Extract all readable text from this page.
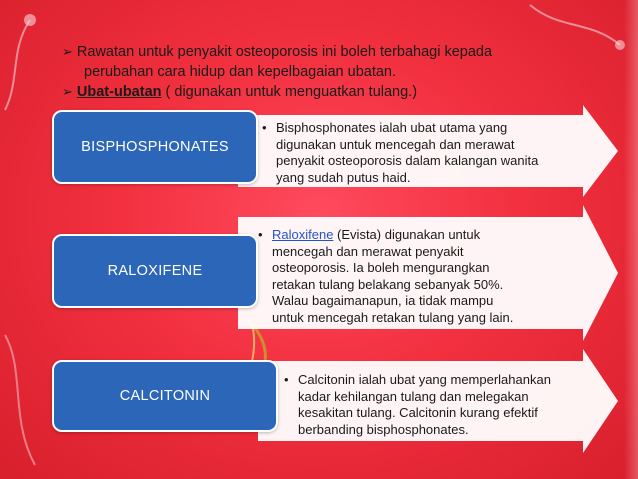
➢ Rawatan untuk penyakit osteoporosis ini boleh terbahagi kepada
perubahan cara hidup dan kepelbagaian ubatan.
➢ Ubat-ubatan ( digunakan untuk menguatkan tulang.)
BISPHOSPHONATES
• Bisphosphonates ialah ubat utama yang
digunakan untuk mencegah dan merawat
penyakit osteoporosis dalam kalangan wanita
yang sudah putus haid.
RALOXIFENE
• Raloxifene (Evista) digunakan untuk
mencegah dan merawat penyakit
osteoporosis. Ia boleh mengurangkan
retakan tulang belakang sebanyak 50%.
Walau bagaimanapun, ia tidak mampu
untuk mencegah retakan tulang yang lain.
CALCITONIN
• Calcitonin ialah ubat yang memperlahankan
kadar kehilangan tulang dan melegakan
kesakitan tulang. Calcitonin kurang efektif
berbanding bisphosphonates.
